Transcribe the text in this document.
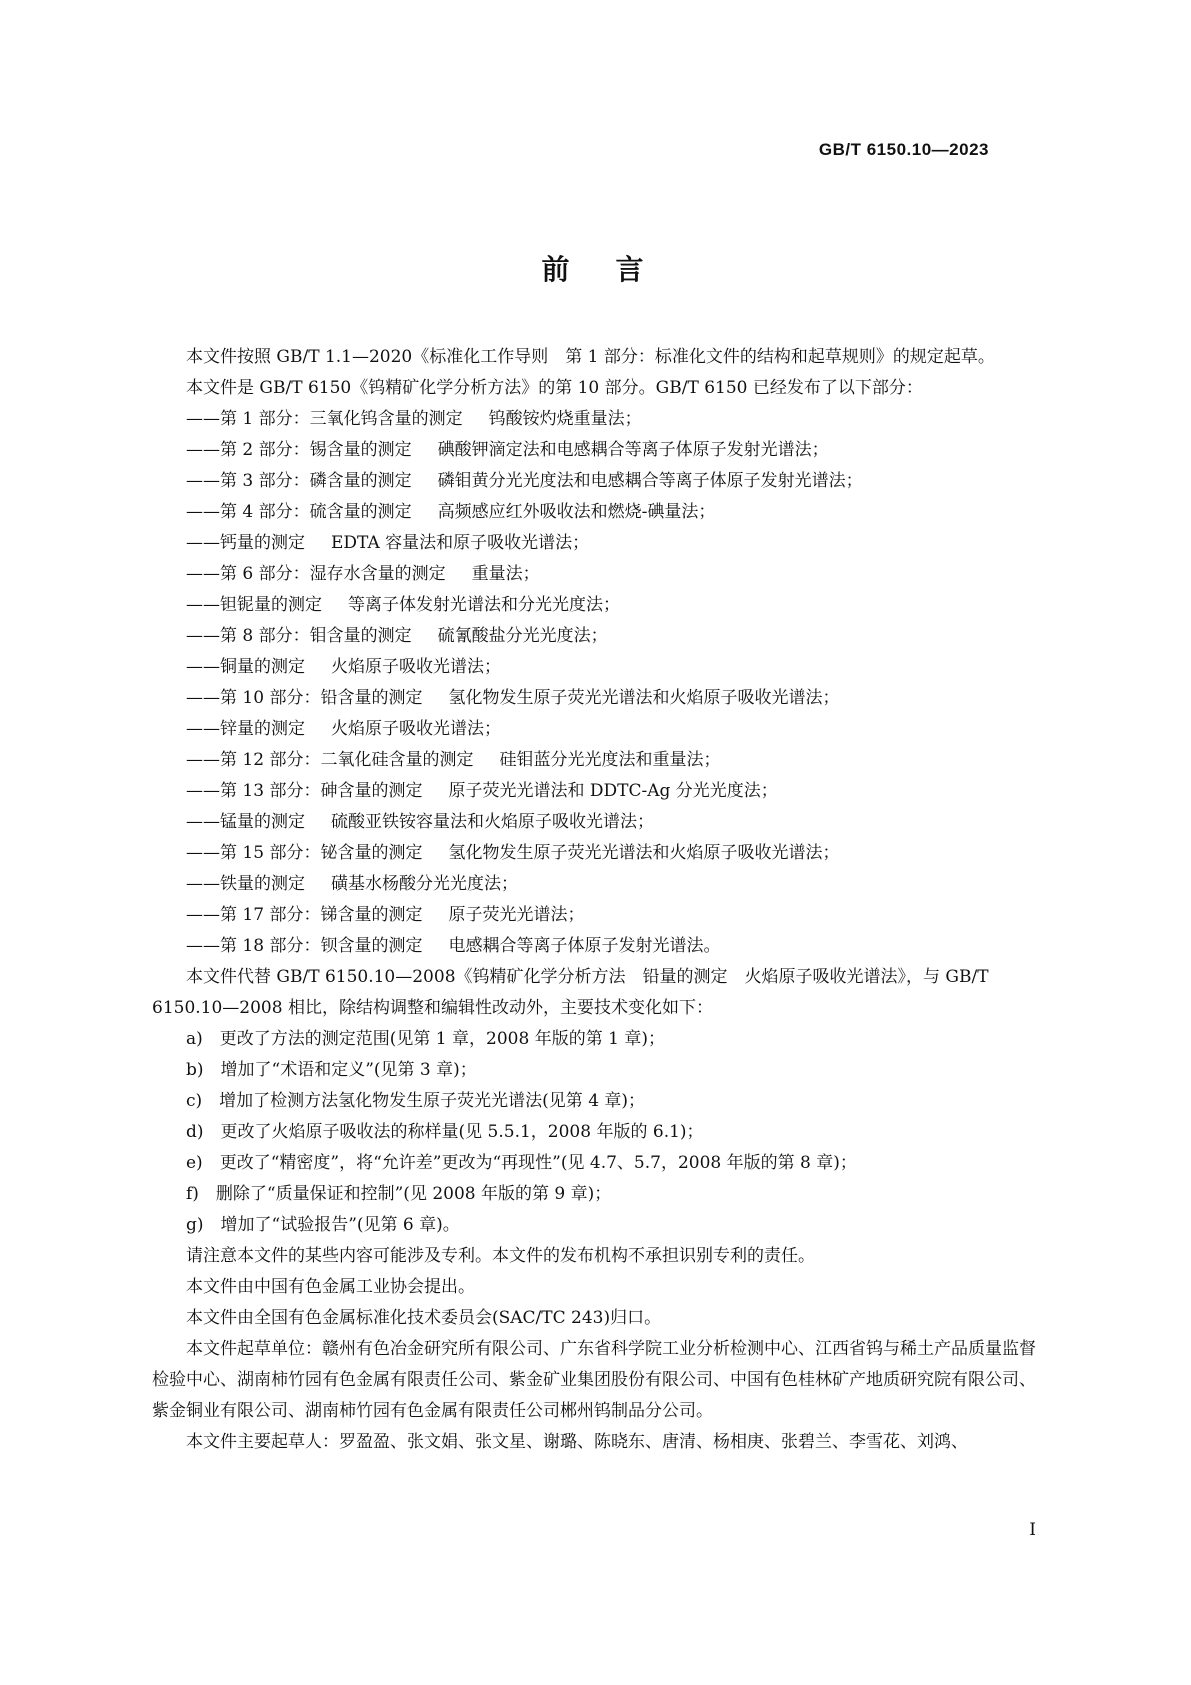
GB/T 6150.10—2023
前言

本文件按照 GB/T 1.1—2020《标准化工作导则　第 1 部分：标准化文件的结构和起草规则》的规定起草。

本文件是 GB/T 6150《钨精矿化学分析方法》的第 10 部分。GB/T 6150 已经发布了以下部分：

——第 1 部分：三氧化钨含量的测定 钨酸铵灼烧重量法；
——第 2 部分：锡含量的测定 碘酸钾滴定法和电感耦合等离子体原子发射光谱法；
——第 3 部分：磷含量的测定 磷钼黄分光光度法和电感耦合等离子体原子发射光谱法；
——第 4 部分：硫含量的测定 高频感应红外吸收法和燃烧-碘量法；
——钙量的测定 EDTA 容量法和原子吸收光谱法；
——第 6 部分：湿存水含量的测定 重量法；
——钽铌量的测定 等离子体发射光谱法和分光光度法；
——第 8 部分：钼含量的测定 硫氰酸盐分光光度法；
——铜量的测定 火焰原子吸收光谱法；
——第 10 部分：铅含量的测定 氢化物发生原子荧光光谱法和火焰原子吸收光谱法；
——锌量的测定 火焰原子吸收光谱法；
——第 12 部分：二氧化硅含量的测定 硅钼蓝分光光度法和重量法；
——第 13 部分：砷含量的测定 原子荧光光谱法和 DDTC-Ag 分光光度法；
——锰量的测定 硫酸亚铁铵容量法和火焰原子吸收光谱法；
——第 15 部分：铋含量的测定 氢化物发生原子荧光光谱法和火焰原子吸收光谱法；
——铁量的测定 磺基水杨酸分光光度法；
——第 17 部分：锑含量的测定 原子荧光光谱法；
——第 18 部分：钡含量的测定 电感耦合等离子体原子发射光谱法。

本文件代替 GB/T 6150.10—2008《钨精矿化学分析方法　铅量的测定　火焰原子吸收光谱法》，与 GB/T 6150.10—2008 相比，除结构调整和编辑性改动外，主要技术变化如下：

a)　更改了方法的测定范围(见第 1 章，2008 年版的第 1 章)；
b)　增加了“术语和定义”(见第 3 章)；
c)　增加了检测方法氢化物发生原子荧光光谱法(见第 4 章)；
d)　更改了火焰原子吸收法的称样量(见 5.5.1，2008 年版的 6.1)；
e)　更改了“精密度”，将“允许差”更改为“再现性”(见 4.7、5.7，2008 年版的第 8 章)；
f)　删除了“质量保证和控制”(见 2008 年版的第 9 章)；
g)　增加了“试验报告”(见第 6 章)。

请注意本文件的某些内容可能涉及专利。本文件的发布机构不承担识别专利的责任。

本文件由中国有色金属工业协会提出。

本文件由全国有色金属标准化技术委员会(SAC/TC 243)归口。

本文件起草单位：赣州有色冶金研究所有限公司、广东省科学院工业分析检测中心、江西省钨与稀土产品质量监督检验中心、湖南柿竹园有色金属有限责任公司、紫金矿业集团股份有限公司、中国有色桂林矿产地质研究院有限公司、紫金铜业有限公司、湖南柿竹园有色金属有限责任公司郴州钨制品分公司。

本文件主要起草人：罗盈盈、张文娟、张文星、谢璐、陈晓东、唐清、杨相庚、张碧兰、李雪花、刘鸿、

I
